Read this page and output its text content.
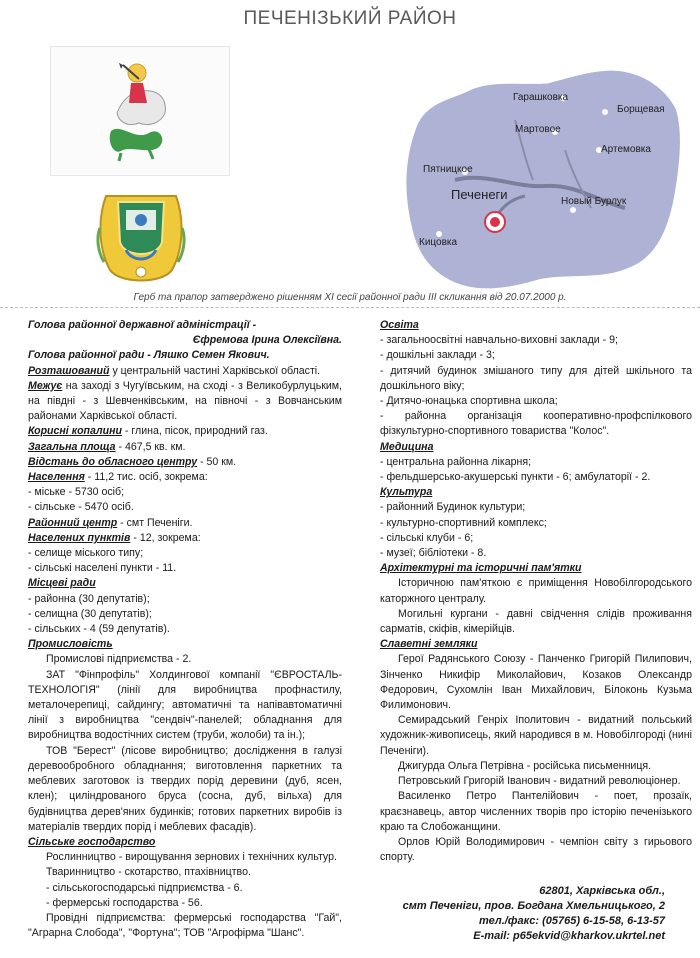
ПЕЧЕНІЗЬКИЙ РАЙОН
Гарашковка
Борщевая
Мартовое
Артемовка
Пятницкое
Печенеги	Новый Бурлук
Кицовка
Герб та прапор затверджено рішенням XI сесії районної ради III скликання від 20.07.2000 р.

Голова районної державної адміністрації -

Єфремова Ірина Олексіївна.

Голова районної ради - Ляшко Семен Якович.

Розташований у центральній частині Харківської області.

Межує на заході з Чугуївським, на сході - з Великобурлуцьким, на півдні - з Шевченківським, на півночі - з Вовчанським районами Харківської області.

Корисні копалини - глина, пісок, природний газ.

Загальна площа - 467,5 кв. км.

Відстань до обласного центру - 50 км.

Населення - 11,2 тис. осіб, зокрема:

- міське - 5730 осіб;

- сільське - 5470 осіб.

Районний центр - смт Печеніги.

Населених пунктів - 12, зокрема:

- селище міського типу;

- сільські населені пункти - 11.

Місцеві ради

- районна (30 депутатів);

- селищна (30 депутатів);

- сільських - 4 (59 депутатів).

Промисловість

Промислові підприємства - 2.

ЗАТ "Фінпрофіль" Холдингової компанії "ЄВРОСТАЛЬ-ТЕХНОЛОГІЯ" (лінії для виробництва профнастилу, металочерепиці, сайдингу; автоматичні та напівавтоматичні лінії з виробництва "сендвіч"-панелей; обладнання для виробництва водостічних систем (труби, жолоби) та ін.);

ТОВ "Берест" (лісове виробництво; дослідження в галузі деревообробного обладнання; виготовлення паркетних та меблевих заготовок із твердих порід деревини (дуб, ясен, клен); циліндрованого бруса (сосна, дуб, вільха) для будівництва дерев'яних будинків; готових паркетних виробів із матеріалів твердих порід і меблевих фасадів).

Сільське господарство

Рослинництво - вирощування зернових і технічних культур.

Тваринництво - скотарство, птахівництво.

- сільськогосподарські підприємства - 6.

- фермерські господарства - 56.

Провідні підприємства: фермерські господарства "Гай", "Аграрна Слобода", "Фортуна"; ТОВ "Агрофірма "Шанс".

Освіта

- загальноосвітні навчально-виховні заклади - 9;

- дошкільні заклади - 3;

- дитячий будинок змішаного типу для дітей шкільного та дошкільного віку;

- Дитячо-юнацька спортивна школа;

- районна організація кооперативно-профспілкового фізкультурно-спортивного товариства "Колос".

Медицина

- центральна районна лікарня;

- фельдшерсько-акушерські пункти - 6; амбулаторії - 2.

Культура

- районний Будинок культури;

- культурно-спортивний комплекс;

- сільські клуби - 6;

- музеї; бібліотеки - 8.

Архітектурні та історичні пам'ятки

Історичною пам'яткою є приміщення Новобілгородського каторжного централу.

Могильні кургани - давні свідчення слідів проживання сарматів, скіфів, кімерійців.

Славетні земляки

Герої Радянського Союзу - Панченко Григорій Пилипович, Зінченко Никифір Миколайович, Козаков Олександр Федорович, Сухомлін Іван Михайлович, Білоконь Кузьма Филимонович.

Семирадський Генріх Іполитович - видатний польський художник-живописець, який народився в м. Новобілгороді (нині Печеніги).

Джигурда Ольга Петрівна - російська письменниця.

Петровський Григорій Іванович - видатний революціонер.

Василенко Петро Пантелійович - поет, прозаїк, краєзнавець, автор численних творів про історію печенізького краю та Слобожанщини.

Орлов Юрій Володимирович - чемпіон світу з гирьового спорту.

62801, Харківська обл.,
смт Печеніги, пров. Богдана Хмельницького, 2
тел./факс: (05765) 6-15-58, 6-13-57
E-mail: p65ekvid@kharkov.ukrtel.net
